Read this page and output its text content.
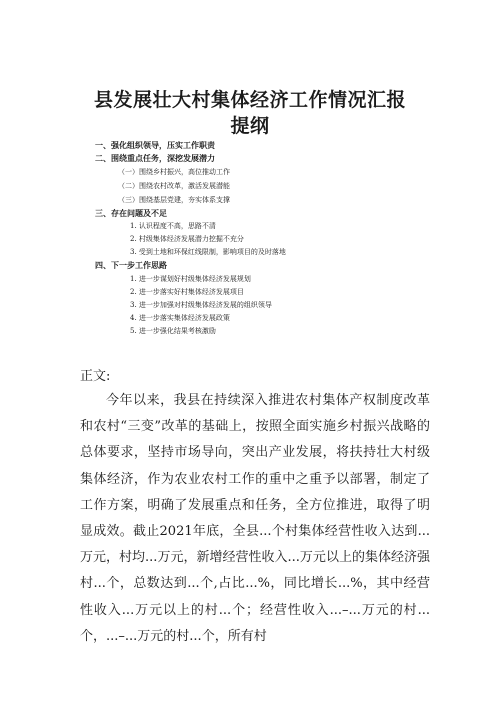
县发展壮大村集体经济工作情况汇报
提纲
一、强化组织领导，压实工作职责
二、围绕重点任务，深挖发展潜力
（一）围绕乡村振兴，高位推动工作
（二）围绕农村改革，激活发展潜能
（三）围绕基层党建，夯实体系支撑
三、存在问题及不足
1. 认识程度不高，思路不清
2. 村级集体经济发展潜力挖掘不充分
3. 受到土地和环保红线限制，影响项目的及时落地
四、下一步工作思路
1. 进一步谋划好村级集体经济发展规划
2. 进一步落实好村集体经济发展项目
3. 进一步加强对村级集体经济发展的组织领导
4. 进一步落实集体经济发展政策
5. 进一步强化结果考核激励
正文:
今年以来，我县在持续深入推进农村集体产权制度改革和农村“三变”改革的基础上，按照全面实施乡村振兴战略的总体要求，坚持市场导向，突出产业发展，将扶持壮大村级集体经济，作为农业农村工作的重中之重予以部署，制定了工作方案，明确了发展重点和任务，全方位推进，取得了明显成效。截止2021年底，全县...个村集体经营性收入达到...万元，村均...万元，新增经营性收入...万元以上的集体经济强村...个，总数达到...个,占比...%，同比增长...%，其中经营性收入...万元以上的村...个；经营性收入...–...万元的村...个，...–...万元的村...个，所有村
